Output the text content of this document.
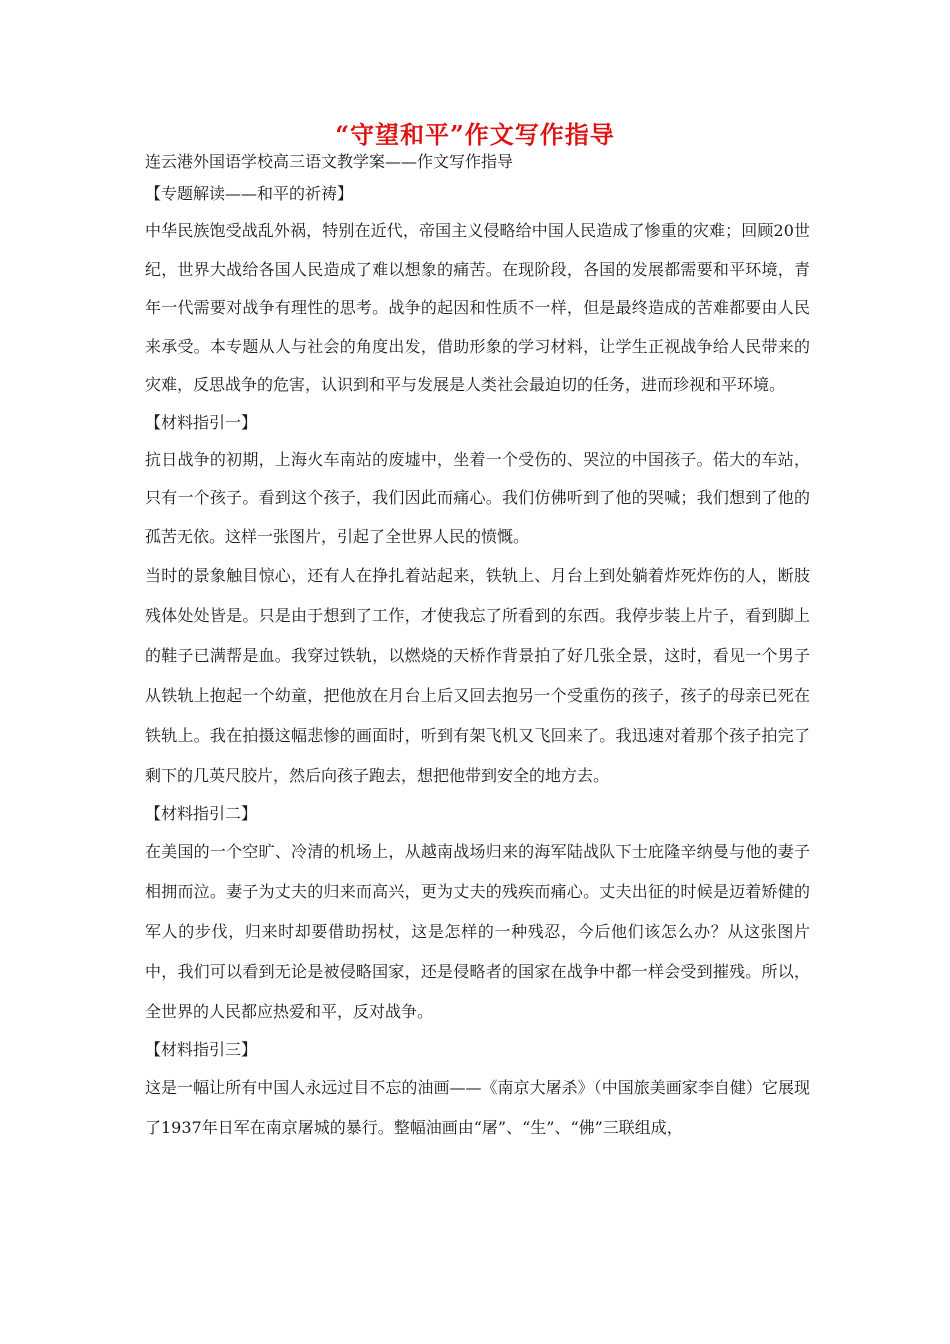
“守望和平”作文写作指导

连云港外国语学校高三语文教学案——作文写作指导

【专题解读——和平的祈祷】

中华民族饱受战乱外祸，特别在近代，帝国主义侵略给中国人民造成了惨重的灾难；回顾20世纪，世界大战给各国人民造成了难以想象的痛苦。在现阶段，各国的发展都需要和平环境，青年一代需要对战争有理性的思考。战争的起因和性质不一样，但是最终造成的苦难都要由人民来承受。本专题从人与社会的角度出发，借助形象的学习材料，让学生正视战争给人民带来的灾难，反思战争的危害，认识到和平与发展是人类社会最迫切的任务，进而珍视和平环境。

【材料指引一】

抗日战争的初期，上海火车南站的废墟中，坐着一个受伤的、哭泣的中国孩子。偌大的车站，只有一个孩子。看到这个孩子，我们因此而痛心。我们仿佛听到了他的哭喊；我们想到了他的孤苦无依。这样一张图片，引起了全世界人民的愤慨。

当时的景象触目惊心，还有人在挣扎着站起来，铁轨上、月台上到处躺着炸死炸伤的人，断肢残体处处皆是。只是由于想到了工作，才使我忘了所看到的东西。我停步装上片子，看到脚上的鞋子已满帮是血。我穿过铁轨，以燃烧的天桥作背景拍了好几张全景，这时，看见一个男子从铁轨上抱起一个幼童，把他放在月台上后又回去抱另一个受重伤的孩子，孩子的母亲已死在铁轨上。我在拍摄这幅悲惨的画面时，听到有架飞机又飞回来了。我迅速对着那个孩子拍完了剩下的几英尺胶片，然后向孩子跑去，想把他带到安全的地方去。

【材料指引二】

在美国的一个空旷、冷清的机场上，从越南战场归来的海军陆战队下士庇隆辛纳曼与他的妻子相拥而泣。妻子为丈夫的归来而高兴，更为丈夫的残疾而痛心。丈夫出征的时候是迈着矫健的军人的步伐，归来时却要借助拐杖，这是怎样的一种残忍，今后他们该怎么办？从这张图片中，我们可以看到无论是被侵略国家，还是侵略者的国家在战争中都一样会受到摧残。所以，全世界的人民都应热爱和平，反对战争。

【材料指引三】

这是一幅让所有中国人永远过目不忘的油画——《南京大屠杀》（中国旅美画家李自健）它展现了1937年日军在南京屠城的暴行。整幅油画由“屠”、“生”、“佛”三联组成，
